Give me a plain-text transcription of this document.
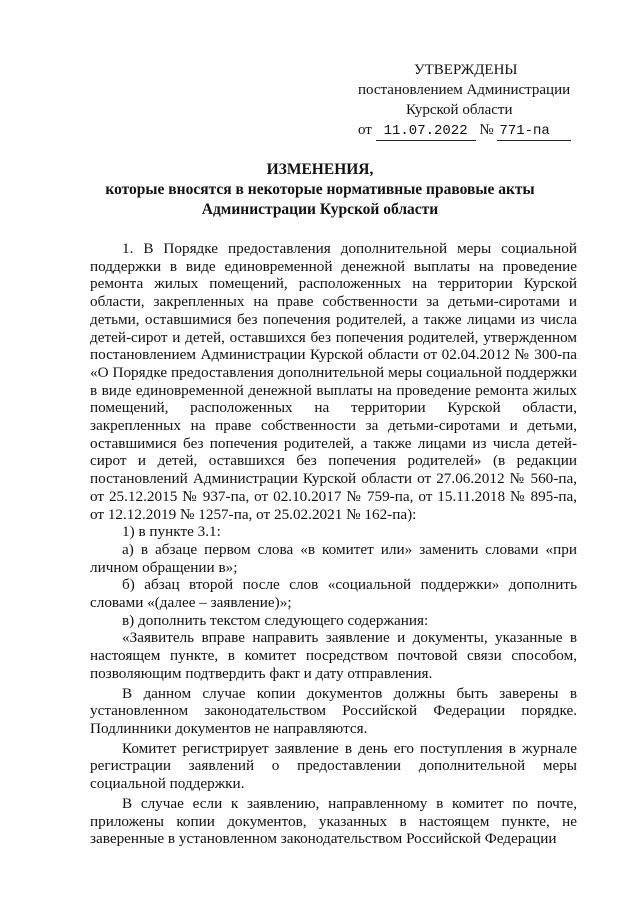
УТВЕРЖДЕНЫ
постановлением Администрации
Курской области
от 11.07.2022 № 771-па
ИЗМЕНЕНИЯ,
которые вносятся в некоторые нормативные правовые акты
Администрации Курской области

1. В Порядке предоставления дополнительной меры социальной поддержки в виде единовременной денежной выплаты на проведение ремонта жилых помещений, расположенных на территории Курской области, закрепленных на праве собственности за детьми-сиротами и детьми, оставшимися без попечения родителей, а также лицами из числа детей-сирот и детей, оставшихся без попечения родителей, утвержденном постановлением Администрации Курской области от 02.04.2012 № 300-па «О Порядке предоставления дополнительной меры социальной поддержки в виде единовременной денежной выплаты на проведение ремонта жилых помещений, расположенных на территории Курской области, закрепленных на праве собственности за детьми-сиротами и детьми, оставшимися без попечения родителей, а также лицами из числа детей-сирот и детей, оставшихся без попечения родителей» (в редакции постановлений Администрации Курской области от 27.06.2012 № 560-па, от 25.12.2015 № 937-па, от 02.10.2017 № 759-па, от 15.11.2018 № 895-па, от 12.12.2019 № 1257-па, от 25.02.2021 № 162-па):

1) в пункте 3.1:

а) в абзаце первом слова «в комитет или» заменить словами «при личном обращении в»;

б) абзац второй после слов «социальной поддержки» дополнить словами «(далее – заявление)»;

в) дополнить текстом следующего содержания:

«Заявитель вправе направить заявление и документы, указанные в настоящем пункте, в комитет посредством почтовой связи способом, позволяющим подтвердить факт и дату отправления.

В данном случае копии документов должны быть заверены в установленном законодательством Российской Федерации порядке. Подлинники документов не направляются.

Комитет регистрирует заявление в день его поступления в журнале регистрации заявлений о предоставлении дополнительной меры социальной поддержки.

В случае если к заявлению, направленному в комитет по почте, приложены копии документов, указанных в настоящем пункте, не заверенные в установленном законодательством Российской Федерации
